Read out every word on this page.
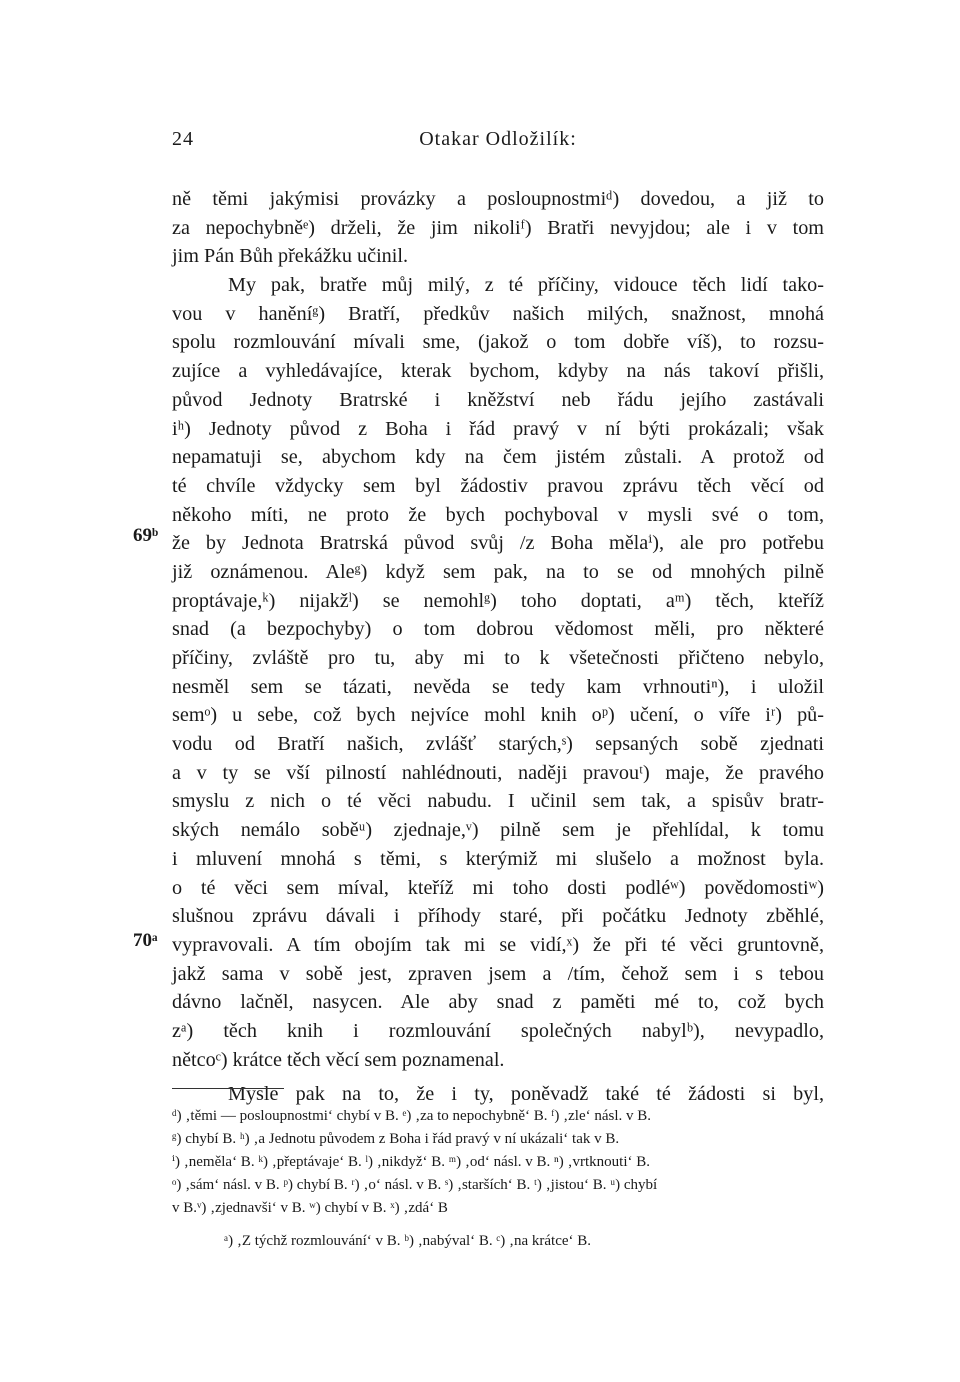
24	Otakar Odložilík:
69ᵇ
70ᵃ
ně těmi jakýmisi provázky a posloupnostmiᵈ) dovedou, a již to
za nepochybněᵉ) drželi, že jim nikoliᶠ) Bratři nevyjdou; ale i v tom
jim Pán Bůh překážku učinil.
My pak, bratře můj milý, z té příčiny, vidouce těch lidí tako-
vou v haněníᵍ) Bratří, předkův našich milých, snažnost, mnohá
spolu rozmlouvání mívali sme, (jakož o tom dobře víš), to rozsu-
zujíce a vyhledávajíce, kterak bychom, kdyby na nás takoví přišli,
původ Jednoty Bratrské i kněžství neb řádu jejího zastávali
iʰ) Jednoty původ z Boha i řád pravý v ní býti prokázali; však
nepamatuji se, abychom kdy na čem jistém zůstali. A protož od
té chvíle vždycky sem byl žádostiv pravou zprávu těch věcí od
někoho míti, ne proto že bych pochyboval v mysli své o tom,
že by Jednota Bratrská původ svůj /z Boha mělaⁱ), ale pro potřebu
již oznámenou. Aleᵍ) když sem pak, na to se od mnohých pilně
proptávaje,ᵏ) nijakžˡ) se nemohlᵍ) toho doptati, aᵐ) těch, kteříž
snad (a bezpochyby) o tom dobrou vědomost měli, pro některé
příčiny, zvláště pro tu, aby mi to k všetečnosti přičteno nebylo,
nesměl sem se tázati, nevěda se tedy kam vrhnoutiⁿ), i uložil
semᵒ) u sebe, což bych nejvíce mohl knih oᵖ) učení, o víře iʳ) pů-
vodu od Bratří našich, zvlášť starých,ˢ) sepsaných sobě zjednati
a v ty se vší pilností nahlédnouti, naději pravouᵗ) maje, že pravého
smyslu z nich o té věci nabudu. I učinil sem tak, a spisův bratr-
ských nemálo soběᵘ) zjednaje,ᵛ) pilně sem je přehlídal, k tomu
i mluvení mnohá s těmi, s kterýmiž mi slušelo a možnost byla.
o té věci sem míval, kteříž mi toho dosti podléʷ) povědomostiʷ)
slušnou zprávu dávali i příhody staré, při počátku Jednoty zběhlé,
vypravovali. A tím obojím tak mi se vidí,ˣ) že při té věci gruntovně,
jakž sama v sobě jest, zpraven jsem a /tím, čehož sem i s tebou
dávno lačněl, nasycen. Ale aby snad z paměti mé to, což bych
zᵃ) těch knih i rozmlouvání společných nabylᵇ), nevypadlo,
nětcoᶜ) krátce těch věcí sem poznamenal.
Mysle pak na to, že i ty, poněvadž také té žádosti si byl,
ᵈ) ‚těmi — posloupnostmi‘ chybí v B. ᵉ) ‚za to nepochybně‘ B. ᶠ) ‚zle‘ násl. v B.
ᵍ) chybí B. ʰ) ‚a Jednotu původem z Boha i řád pravý v ní ukázali‘ tak v B.
ⁱ) ‚neměla‘ B. ᵏ) ‚přeptávaje‘ B. ˡ) ‚nikdyž‘ B. ᵐ) ‚od‘ násl. v B. ⁿ) ‚vrtknouti‘ B.
ᵒ) ‚sám‘ násl. v B. ᵖ) chybí B. ʳ) ‚o‘ násl. v B. ˢ) ‚starších‘ B. ᵗ) ‚jistou‘ B. ᵘ) chybí
v B.ᵛ) ‚zjednavši‘ v B. ʷ) chybí v B. ˣ) ‚zdá‘ B
ᵃ) ‚Z týchž rozmlouvání‘ v B. ᵇ) ‚nabýval‘ B. ᶜ) ‚na krátce‘ B.
